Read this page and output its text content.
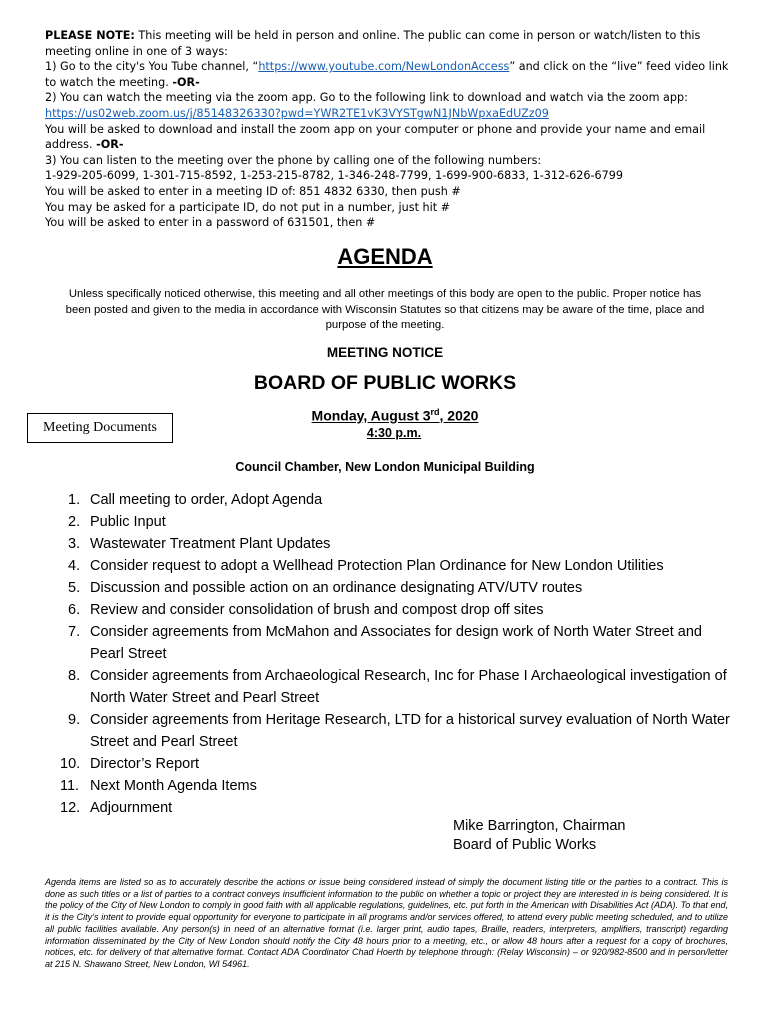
PLEASE NOTE: This meeting will be held in person and online. The public can come in person or watch/listen to this meeting online in one of 3 ways:

1) Go to the city's You Tube channel, “https://www.youtube.com/NewLondonAccess” and click on the “live” feed video link to watch the meeting. -OR-

2) You can watch the meeting via the zoom app. Go to the following link to download and watch via the zoom app:

https://us02web.zoom.us/j/85148326330?pwd=YWR2TE1vK3VYSTgwN1JNbWpxaEdUZz09

You will be asked to download and install the zoom app on your computer or phone and provide your name and email address. -OR-

3) You can listen to the meeting over the phone by calling one of the following numbers:

1-929-205-6099, 1-301-715-8592, 1-253-215-8782, 1-346-248-7799, 1-699-900-6833, 1-312-626-6799

You will be asked to enter in a meeting ID of: 851 4832 6330, then push #

You may be asked for a participate ID, do not put in a number, just hit #

You will be asked to enter in a password of 631501, then #

AGENDA
Unless specifically noticed otherwise, this meeting and all other meetings of this body are open to the public. Proper notice has been posted and given to the media in accordance with Wisconsin Statutes so that citizens may be aware of the time, place and purpose of the meeting.
MEETING NOTICE
BOARD OF PUBLIC WORKS
Meeting Documents
Monday, August 3rd, 2020
4:30 p.m.
Council Chamber, New London Municipal Building
1. Call meeting to order, Adopt Agenda
2. Public Input
3. Wastewater Treatment Plant Updates
4. Consider request to adopt a Wellhead Protection Plan Ordinance for New London Utilities
5. Discussion and possible action on an ordinance designating ATV/UTV routes
6. Review and consider consolidation of brush and compost drop off sites
7. Consider agreements from McMahon and Associates for design work of North Water Street and Pearl Street
8. Consider agreements from Archaeological Research, Inc for Phase I Archaeological investigation of North Water Street and Pearl Street
9. Consider agreements from Heritage Research, LTD for a historical survey evaluation of North Water Street and Pearl Street
10. Director’s Report
11. Next Month Agenda Items
12. Adjournment
Mike Barrington, Chairman
Board of Public Works
Agenda items are listed so as to accurately describe the actions or issue being considered instead of simply the document listing title or the parties to a contract. This is done as such titles or a list of parties to a contract conveys insufficient information to the public on whether a topic or project they are interested in is being considered. It is the policy of the City of New London to comply in good faith with all applicable regulations, guidelines, etc. put forth in the American with Disabilities Act (ADA). To that end, it is the City’s intent to provide equal opportunity for everyone to participate in all programs and/or services offered, to attend every public meeting scheduled, and to utilize all public facilities available. Any person(s) in need of an alternative format (i.e. larger print, audio tapes, Braille, readers, interpreters, amplifiers, transcript) regarding information disseminated by the City of New London should notify the City 48 hours prior to a meeting, etc., or allow 48 hours after a request for a copy of brochures, notices, etc. for delivery of that alternative format. Contact ADA Coordinator Chad Hoerth by telephone through: (Relay Wisconsin) – or 920/982-8500 and in person/letter at 215 N. Shawano Street, New London, WI 54961.
